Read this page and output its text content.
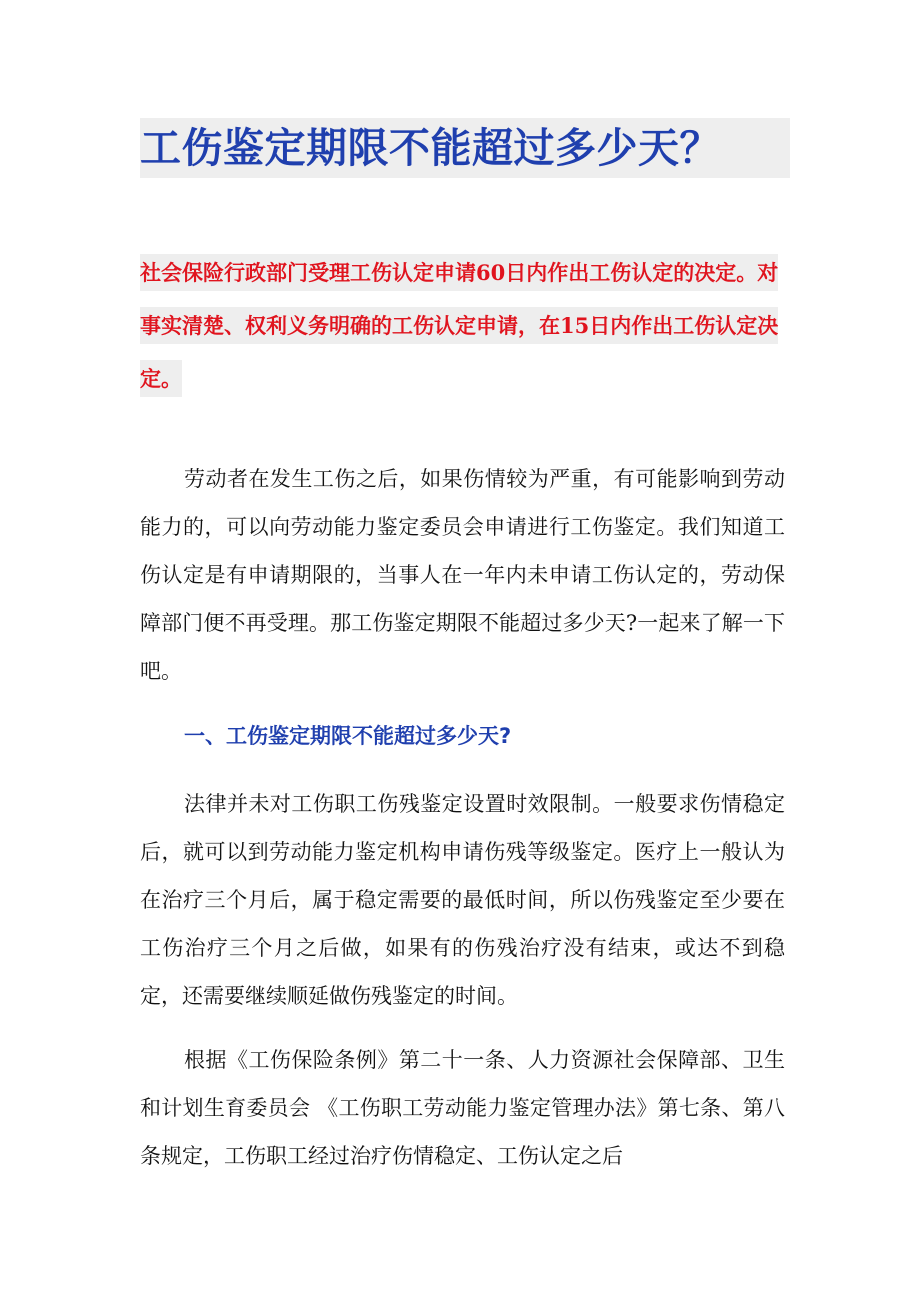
工伤鉴定期限不能超过多少天？
社会保险行政部门受理工伤认定申请60日内作出工伤认定的决定。对事实清楚、权利义务明确的工伤认定申请，在15日内作出工伤认定决定。

劳动者在发生工伤之后，如果伤情较为严重，有可能影响到劳动能力的，可以向劳动能力鉴定委员会申请进行工伤鉴定。我们知道工伤认定是有申请期限的，当事人在一年内未申请工伤认定的，劳动保障部门便不再受理。那工伤鉴定期限不能超过多少天?一起来了解一下吧。

一、工伤鉴定期限不能超过多少天?

法律并未对工伤职工伤残鉴定设置时效限制。一般要求伤情稳定后，就可以到劳动能力鉴定机构申请伤残等级鉴定。医疗上一般认为在治疗三个月后，属于稳定需要的最低时间，所以伤残鉴定至少要在工伤治疗三个月之后做，如果有的伤残治疗没有结束，或达不到稳定，还需要继续顺延做伤残鉴定的时间。

根据《工伤保险条例》第二十一条、人力资源社会保障部、卫生和计划生育委员会 《工伤职工劳动能力鉴定管理办法》第七条、第八条规定，工伤职工经过治疗伤情稳定、工伤认定之后
